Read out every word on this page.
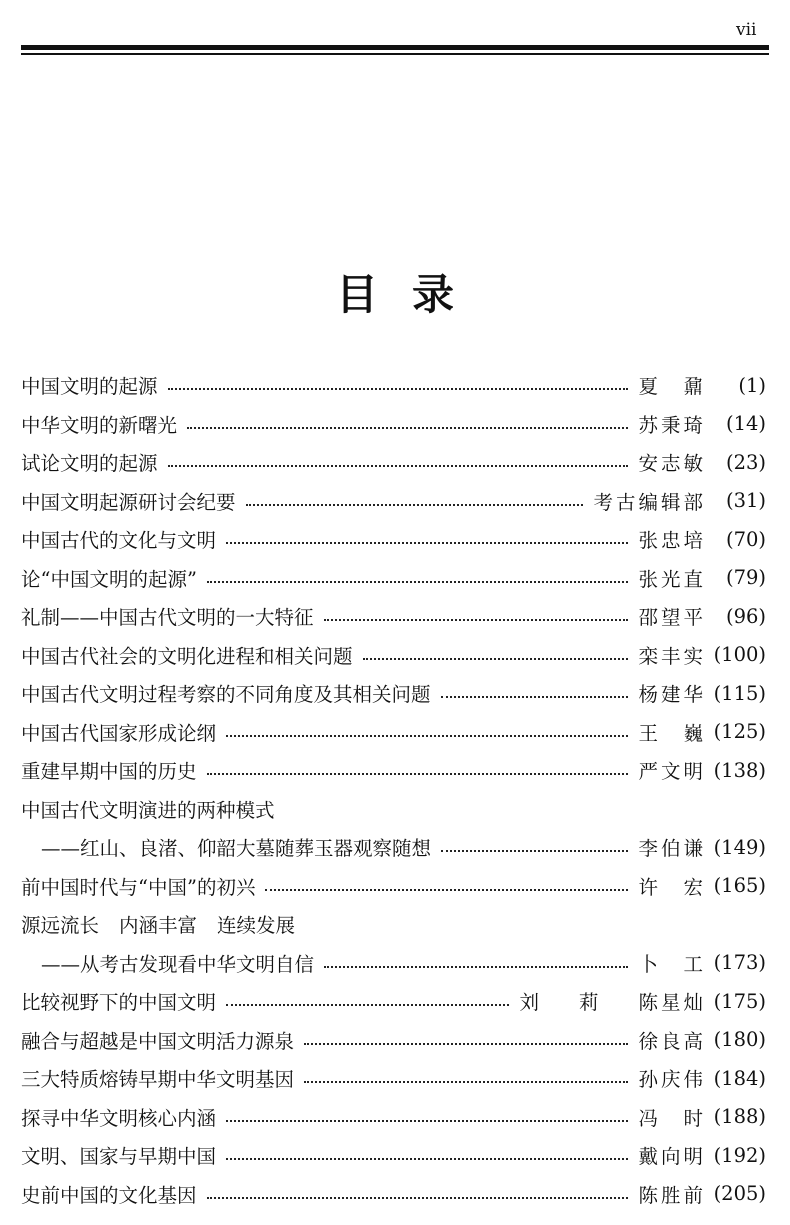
vii
目录
中国文明的起源	夏　鼐	(1)
中华文明的新曙光	苏秉琦	(14)
试论文明的起源	安志敏	(23)
中国文明起源研讨会纪要	考古编辑部	(31)
中国古代的文化与文明	张忠培	(70)
论“中国文明的起源”	张光直	(79)
礼制——中国古代文明的一大特征	邵望平	(96)
中国古代社会的文明化进程和相关问题	栾丰实 (100)
中国古代文明过程考察的不同角度及其相关问题	杨建华 (115)
中国古代国家形成论纲	王　巍 (125)
重建早期中国的历史	严文明 (138)
中国古代文明演进的两种模式
——红山、良渚、仰韶大墓随葬玉器观察随想	李伯谦 (149)
前中国时代与“中国”的初兴	许　宏 (165)
源远流长 内涵丰富 连续发展
——从考古发现看中华文明自信	卜　工 (173)
比较视野下的中国文明	刘 莉 陈星灿 (175)
融合与超越是中国文明活力源泉	徐良高 (180)
三大特质熔铸早期中华文明基因	孙庆伟 (184)
探寻中华文明核心内涵	冯　时 (188)
文明、国家与早期中国	戴向明 (192)
史前中国的文化基因	陈胜前 (205)
